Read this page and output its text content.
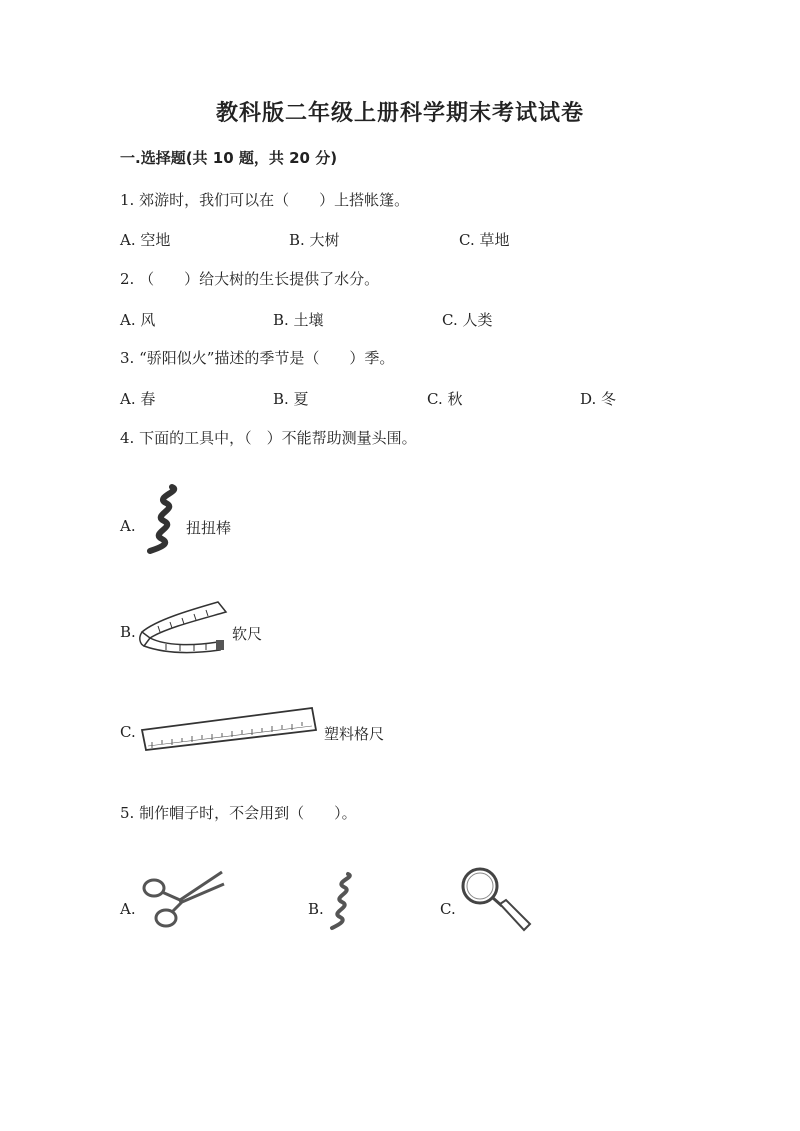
教科版二年级上册科学期末考试试卷
一.选择题(共 10 题，共 20 分)
1. 郊游时，我们可以在（　　）上搭帐篷。
A. 空地	B. 大树	C. 草地
2. （　　）给大树的生长提供了水分。
A. 风	B. 土壤	C. 人类
3. “骄阳似火”描述的季节是（　　）季。
A. 春	B. 夏	C. 秋	D. 冬
4. 下面的工具中，（　）不能帮助测量头围。
A.	扭扭棒
B.	软尺
C.	塑料格尺
5. 制作帽子时，不会用到（　　）。
A.	B.	C.
